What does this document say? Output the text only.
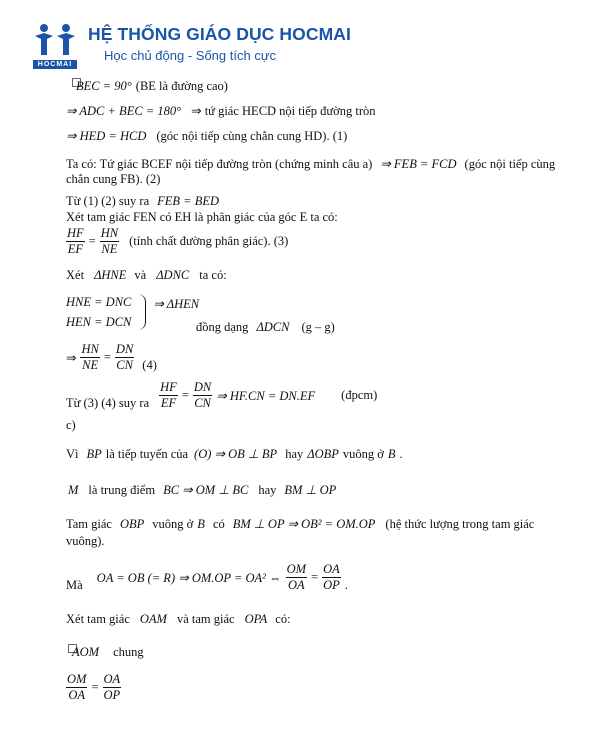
HOCMAI
HỆ THỐNG GIÁO DỤC HOCMAI
Học chủ động - Sống tích cực
BEC = 90° (BE là đường cao)
⇒ ADC + BEC = 180° ⇒ tứ giác HECD nội tiếp đường tròn
⇒ HED = HCD (góc nội tiếp cùng chắn cung HD). (1)
Ta có: Tứ giác BCEF nội tiếp đường tròn (chứng minh câu a) ⇒ FEB = FCD (góc nội tiếp cùng
chắn cung FB). (2)
Từ (1) (2) suy ra FEB = BED
Xét tam giác FEN có EH là phân giác của góc E ta có:
$\frac{HF}{EF} = \frac{HN}{NE}$ (tính chất đường phân giác). (3)
Xét ΔHNE và ΔDNC ta có:
HNE = DNC
HEN = DCN
⇒ ΔHEN
đồng dạng ΔDCN (g – g)
⇒ $\frac{HN}{NE} = \frac{DN}{CN} (4)$
Từ (3) (4) suy ra $\frac{HF}{EF} = \frac{DN}{CN}$ ⇒ HF.CN = DN.EF (đpcm)
c)
Vì BP là tiếp tuyến của (O) ⇒ OB ⊥ BP hay ΔOBP vuông ở B .
M là trung điểm BC ⇒ OM ⊥ BC hay BM ⊥ OP
Tam giác OBP vuông ở B có BM ⊥ OP ⇒ OB² = OM.OP (hệ thức lượng trong tam giác
vuông).
Mà
OA = OB (= R) ⇒ OM.OP = OA² ⇔ $\frac{OM}{OA} = \frac{OA}{OP}$ .
Xét tam giác OAM và tam giác OPA có:
AOM chung
$\frac{OM}{OA} = \frac{OA}{OP}$
